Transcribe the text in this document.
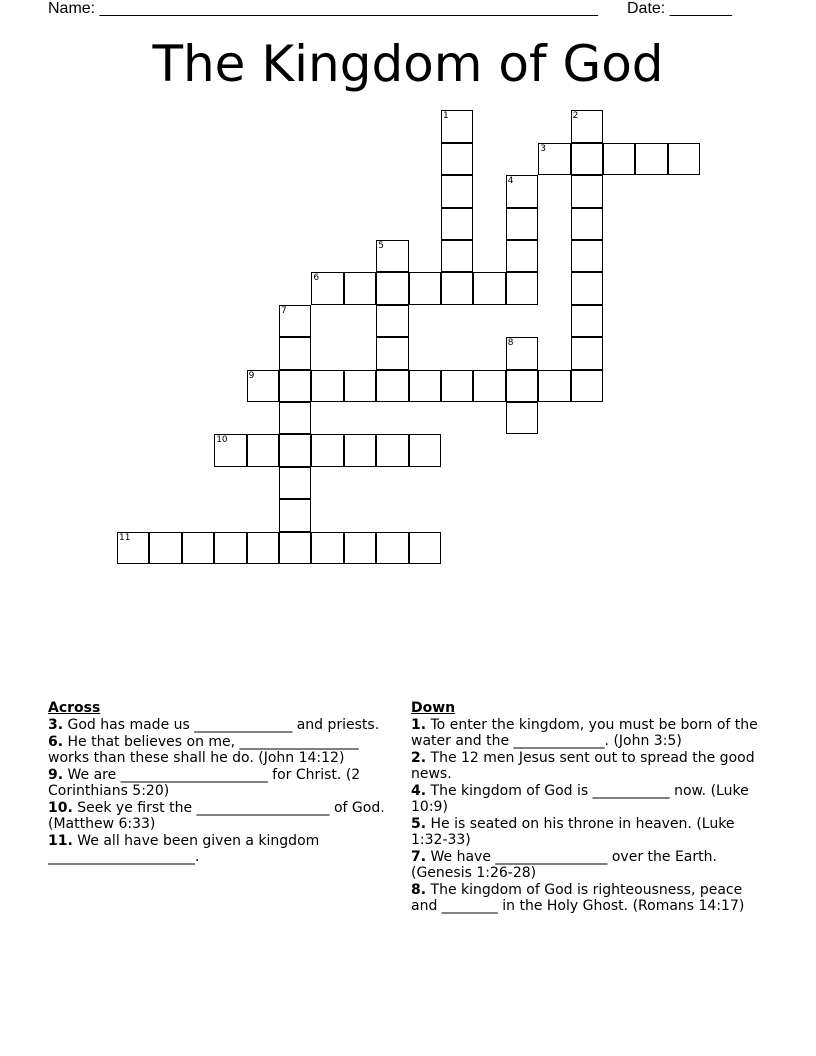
Name: ________________________________________________________ Date: _______
The Kingdom of God
1	2
3
4
5
6
7
8
9
10
11
Across
3. God has made us ______________ and priests.
6. He that believes on me, _________________ works than these shall he do. (John 14:12)
9. We are _____________________ for Christ. (2 Corinthians 5:20)
10. Seek ye first the ___________________ of God. (Matthew 6:33)
11. We all have been given a kingdom _____________________.
Down
1. To enter the kingdom, you must be born of the water and the _____________. (John 3:5)
2. The 12 men Jesus sent out to spread the good news.
4. The kingdom of God is ___________ now. (Luke 10:9)
5. He is seated on his throne in heaven. (Luke 1:32-33)
7. We have ________________ over the Earth. (Genesis 1:26-28)
8. The kingdom of God is righteousness, peace and ________ in the Holy Ghost. (Romans 14:17)
